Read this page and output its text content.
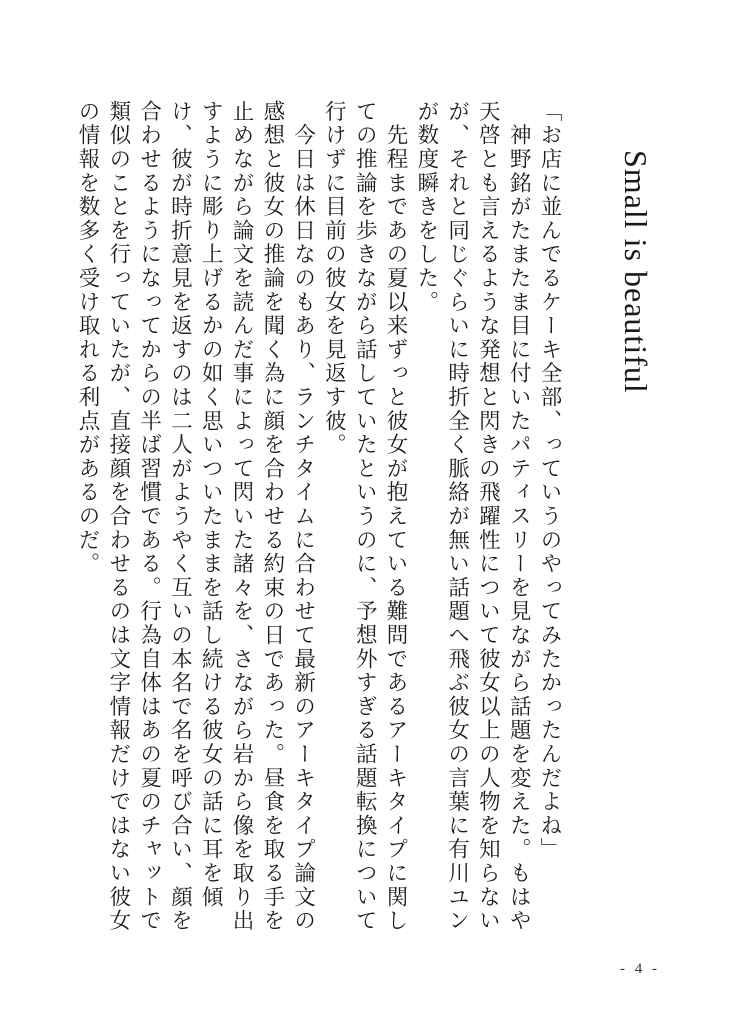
Small is beautiful
「お店に並んでるケーキ全部、っていうのやってみたかったんだよね」
　神野銘がたまたま目に付いたパティスリーを見ながら話題を変えた。もはや天啓とも言えるような発想と閃きの飛躍性について彼女以上の人物を知らないが、それと同じぐらいに時折全く脈絡が無い話題へ飛ぶ彼女の言葉に有川ユンが数度瞬きをした。
　先程まであの夏以来ずっと彼女が抱えている難問であるアーキタイプに関しての推論を歩きながら話していたというのに、予想外すぎる話題転換について行けずに目前の彼女を見返す彼。
　今日は休日なのもあり、ランチタイムに合わせて最新のアーキタイプ論文の感想と彼女の推論を聞く為に顔を合わせる約束の日であった。昼食を取る手を止めながら論文を読んだ事によって閃いた諸々を、さながら岩から像を取り出すように彫り上げるかの如く思いついたままを話し続ける彼女の話に耳を傾け、彼が時折意見を返すのは二人がようやく互いの本名で名を呼び合い、顔を合わせるようになってからの半ば習慣である。行為自体はあの夏のチャットで類似のことを行っていたが、直接顔を合わせるのは文字情報だけではない彼女の情報を数多く受け取れる利点があるのだ。
- 4 -
